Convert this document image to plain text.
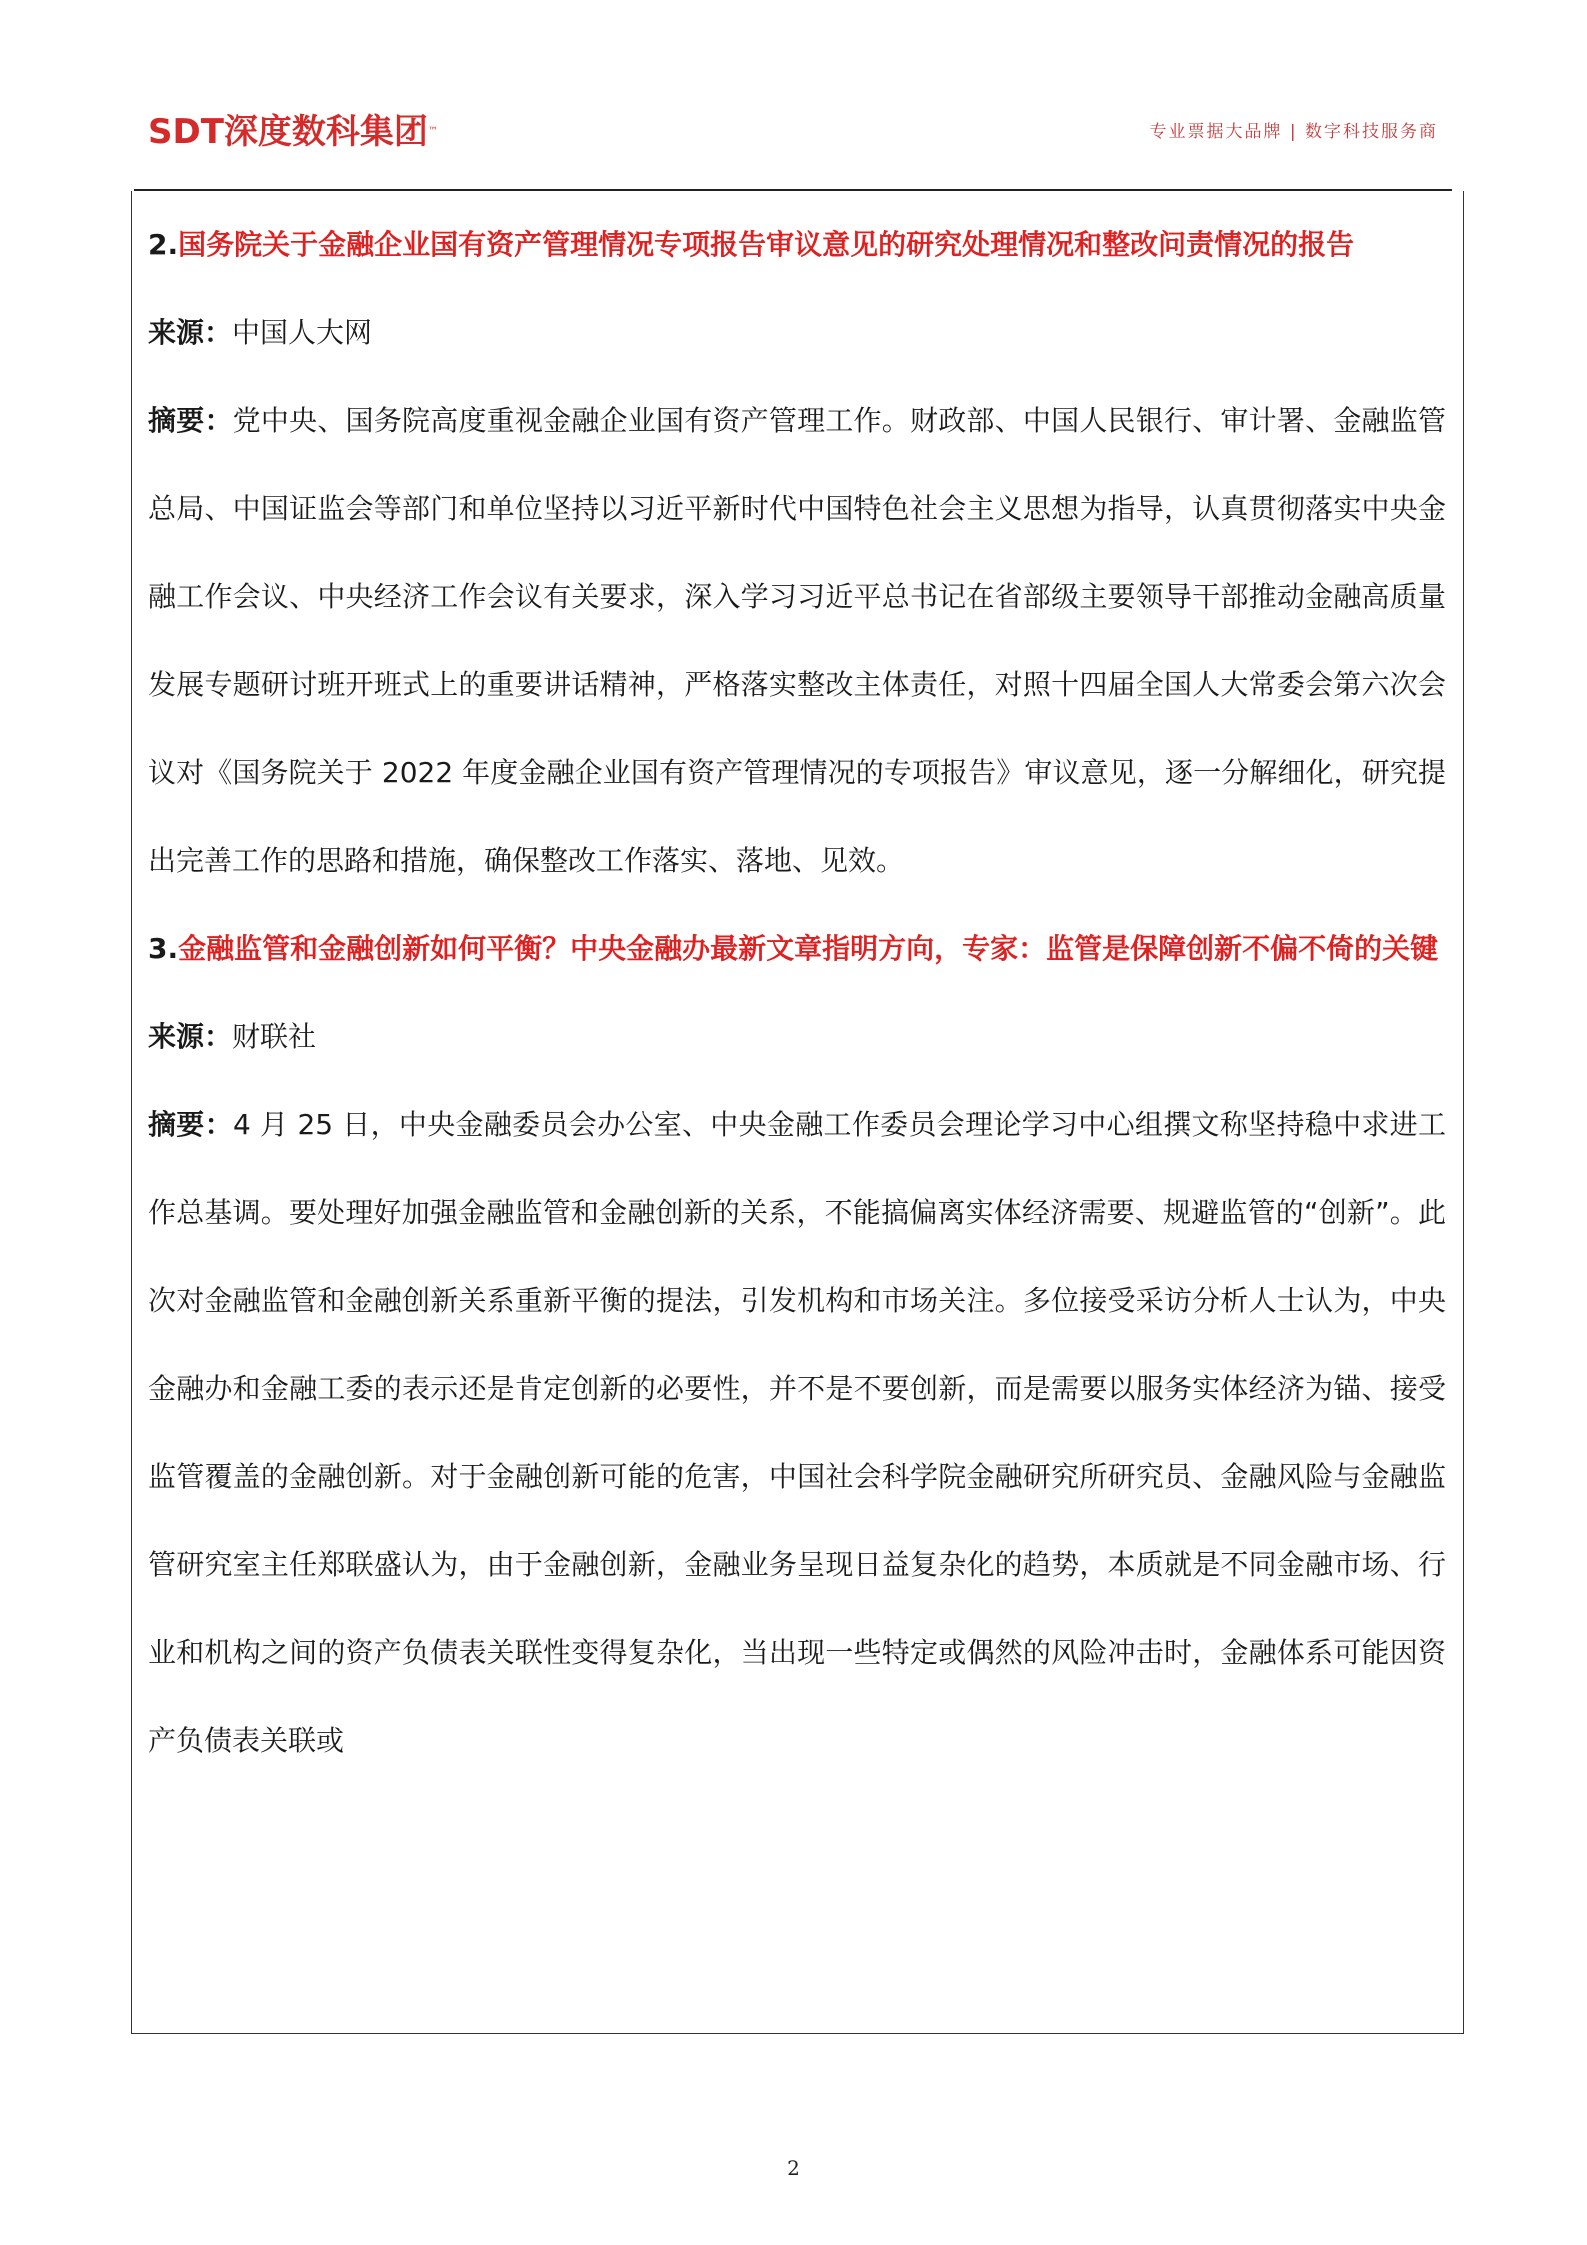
SDT深度数科集团™	专业票据大品牌 | 数字科技服务商

2.国务院关于金融企业国有资产管理情况专项报告审议意见的研究处理情况和整改问责情况的报告

来源：中国人大网

摘要：党中央、国务院高度重视金融企业国有资产管理工作。财政部、中国人民银行、审计署、金融监管总局、中国证监会等部门和单位坚持以习近平新时代中国特色社会主义思想为指导，认真贯彻落实中央金融工作会议、中央经济工作会议有关要求，深入学习习近平总书记在省部级主要领导干部推动金融高质量发展专题研讨班开班式上的重要讲话精神，严格落实整改主体责任，对照十四届全国人大常委会第六次会议对《国务院关于 2022 年度金融企业国有资产管理情况的专项报告》审议意见，逐一分解细化，研究提出完善工作的思路和措施，确保整改工作落实、落地、见效。

3.金融监管和金融创新如何平衡？中央金融办最新文章指明方向，专家：监管是保障创新不偏不倚的关键

来源：财联社

摘要：4 月 25 日，中央金融委员会办公室、中央金融工作委员会理论学习中心组撰文称坚持稳中求进工作总基调。要处理好加强金融监管和金融创新的关系，不能搞偏离实体经济需要、规避监管的“创新”。此次对金融监管和金融创新关系重新平衡的提法，引发机构和市场关注。多位接受采访分析人士认为，中央金融办和金融工委的表示还是肯定创新的必要性，并不是不要创新，而是需要以服务实体经济为锚、接受监管覆盖的金融创新。对于金融创新可能的危害，中国社会科学院金融研究所研究员、金融风险与金融监管研究室主任郑联盛认为，由于金融创新，金融业务呈现日益复杂化的趋势，本质就是不同金融市场、行业和机构之间的资产负债表关联性变得复杂化，当出现一些特定或偶然的风险冲击时，金融体系可能因资产负债表关联或

2
